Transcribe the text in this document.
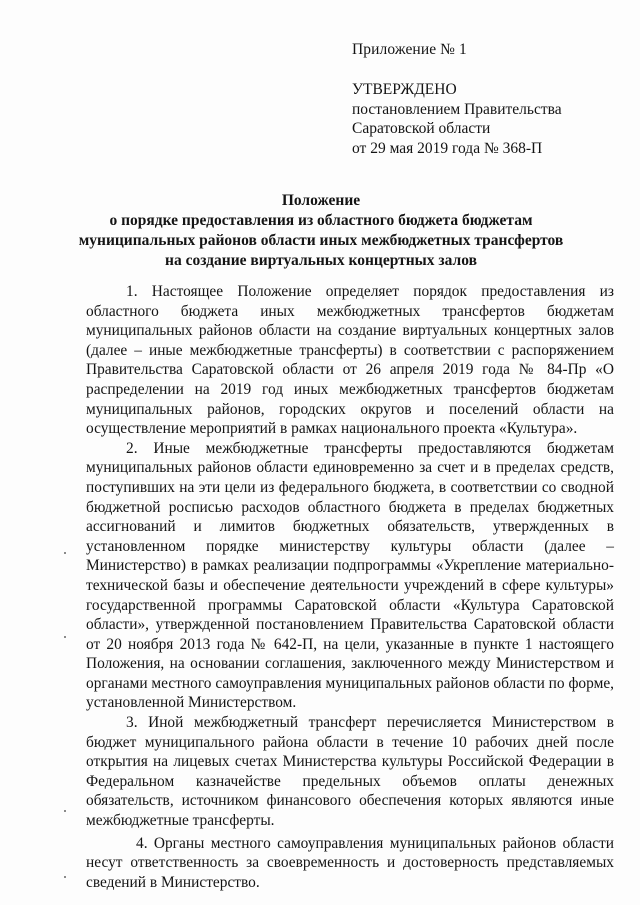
Приложение № 1
УТВЕРЖДЕНО
постановлением Правительства
Саратовской области
от 29 мая 2019 года № 368-П
Положение
о порядке предоставления из областного бюджета бюджетам
муниципальных районов области иных межбюджетных трансфертов
на создание виртуальных концертных залов

1. Настоящее Положение определяет порядок предоставления из областного бюджета иных межбюджетных трансфертов бюджетам муниципальных районов области на создание виртуальных концертных залов (далее – иные межбюджетные трансферты) в соответствии с распоряжением Правительства Саратовской области от 26 апреля 2019 года № 84-Пр «О распределении на 2019 год иных межбюджетных трансфертов бюджетам муниципальных районов, городских округов и поселений области на осуществление мероприятий в рамках национального проекта «Культура».

2. Иные межбюджетные трансферты предоставляются бюджетам муниципальных районов области единовременно за счет и в пределах средств, поступивших на эти цели из федерального бюджета, в соответствии со сводной бюджетной росписью расходов областного бюджета в пределах бюджетных ассигнований и лимитов бюджетных обязательств, утвержденных в установленном порядке министерству культуры области (далее – Министерство) в рамках реализации подпрограммы «Укрепление материально-технической базы и обеспечение деятельности учреждений в сфере культуры» государственной программы Саратовской области «Культура Саратовской области», утвержденной постановлением Правительства Саратовской области от 20 ноября 2013 года № 642-П, на цели, указанные в пункте 1 настоящего Положения, на основании соглашения, заключенного между Министерством и органами местного самоуправления муниципальных районов области по форме, установленной Министерством.

3. Иной межбюджетный трансферт перечисляется Министерством в бюджет муниципального района области в течение 10 рабочих дней после открытия на лицевых счетах Министерства культуры Российской Федерации в Федеральном казначействе предельных объемов оплаты денежных обязательств, источником финансового обеспечения которых являются иные межбюджетные трансферты.

4. Органы местного самоуправления муниципальных районов области несут ответственность за своевременность и достоверность представляемых сведений в Министерство.
